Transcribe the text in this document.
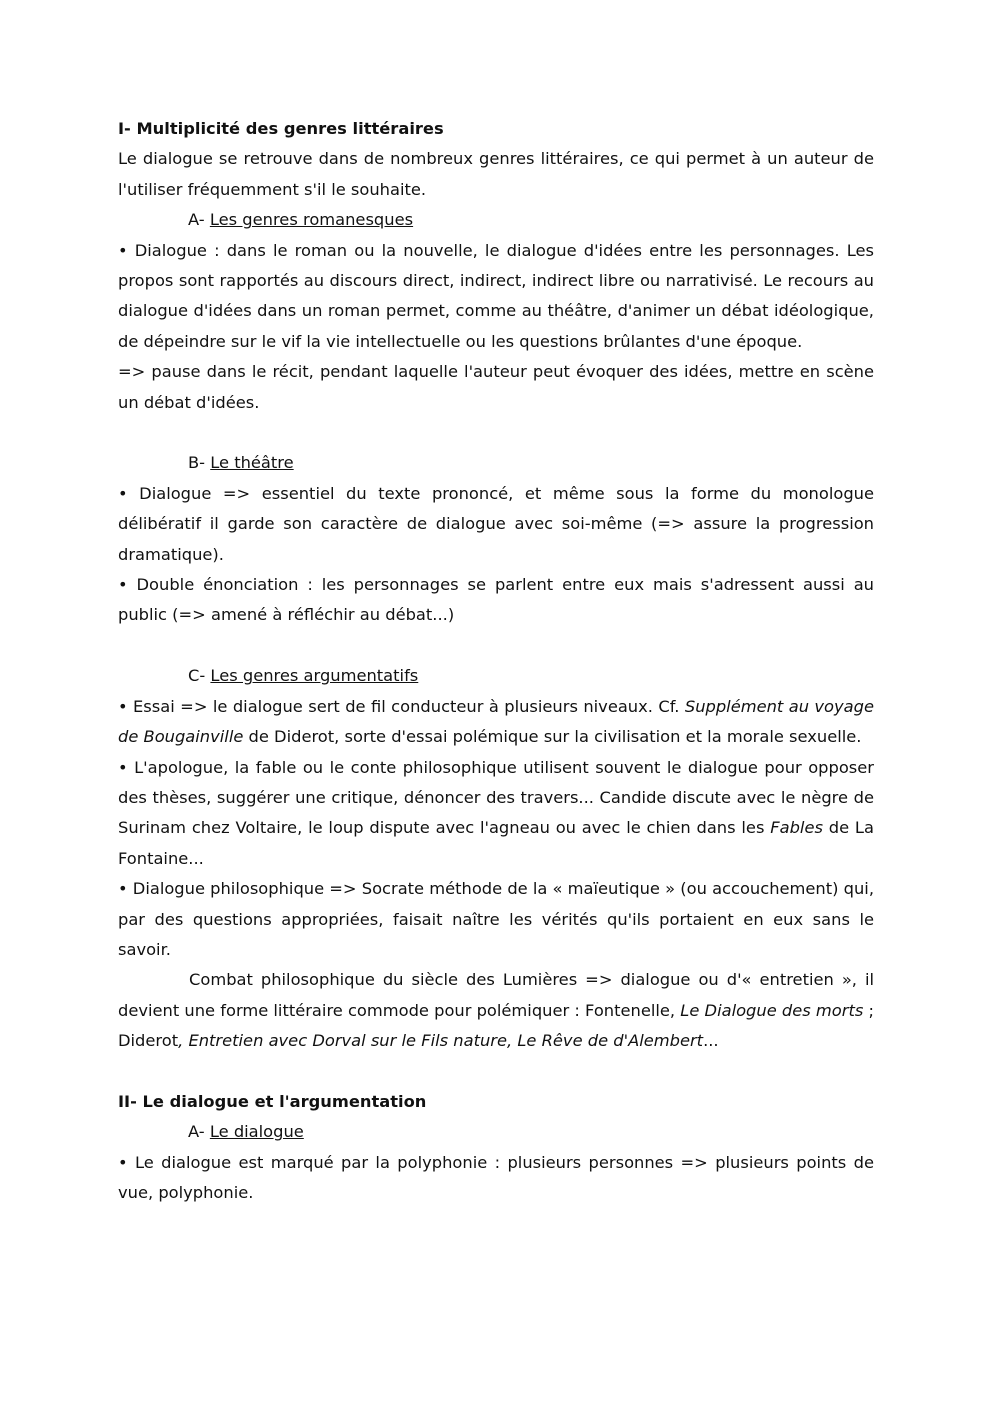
I- Multiplicité des genres littéraires

Le dialogue se retrouve dans de nombreux genres littéraires, ce qui permet à un auteur de l'utiliser fréquemment s'il le souhaite.

A- Les genres romanesques

• Dialogue : dans le roman ou la nouvelle, le dialogue d'idées entre les personnages. Les propos sont rapportés au discours direct, indirect, indirect libre ou narrativisé. Le recours au dialogue d'idées dans un roman permet, comme au théâtre, d'animer un débat idéologique, de dépeindre sur le vif la vie intellectuelle ou les questions brûlantes d'une époque.

=> pause dans le récit, pendant laquelle l'auteur peut évoquer des idées, mettre en scène un débat d'idées.

B- Le théâtre

• Dialogue => essentiel du texte prononcé, et même sous la forme du monologue délibératif il garde son caractère de dialogue avec soi-même (=> assure la progression dramatique).

• Double énonciation : les personnages se parlent entre eux mais s'adressent aussi au public (=> amené à réfléchir au débat...)

C- Les genres argumentatifs

• Essai => le dialogue sert de fil conducteur à plusieurs niveaux. Cf. Supplément au voyage de Bougainville de Diderot, sorte d'essai polémique sur la civilisation et la morale sexuelle.

• L'apologue, la fable ou le conte philosophique utilisent souvent le dialogue pour opposer des thèses, suggérer une critique, dénoncer des travers... Candide discute avec le nègre de Surinam chez Voltaire, le loup dispute avec l'agneau ou avec le chien dans les Fables de La Fontaine...

• Dialogue philosophique => Socrate méthode de la « maïeutique » (ou accouchement) qui, par des questions appropriées, faisait naître les vérités qu'ils portaient en eux sans le savoir.

Combat philosophique du siècle des Lumières => dialogue ou d'« entretien », il devient une forme littéraire commode pour polémiquer : Fontenelle, Le Dialogue des morts ; Diderot, Entretien avec Dorval sur le Fils nature, Le Rêve de d'Alembert...

II- Le dialogue et l'argumentation

A- Le dialogue

• Le dialogue est marqué par la polyphonie : plusieurs personnes => plusieurs points de vue, polyphonie.
